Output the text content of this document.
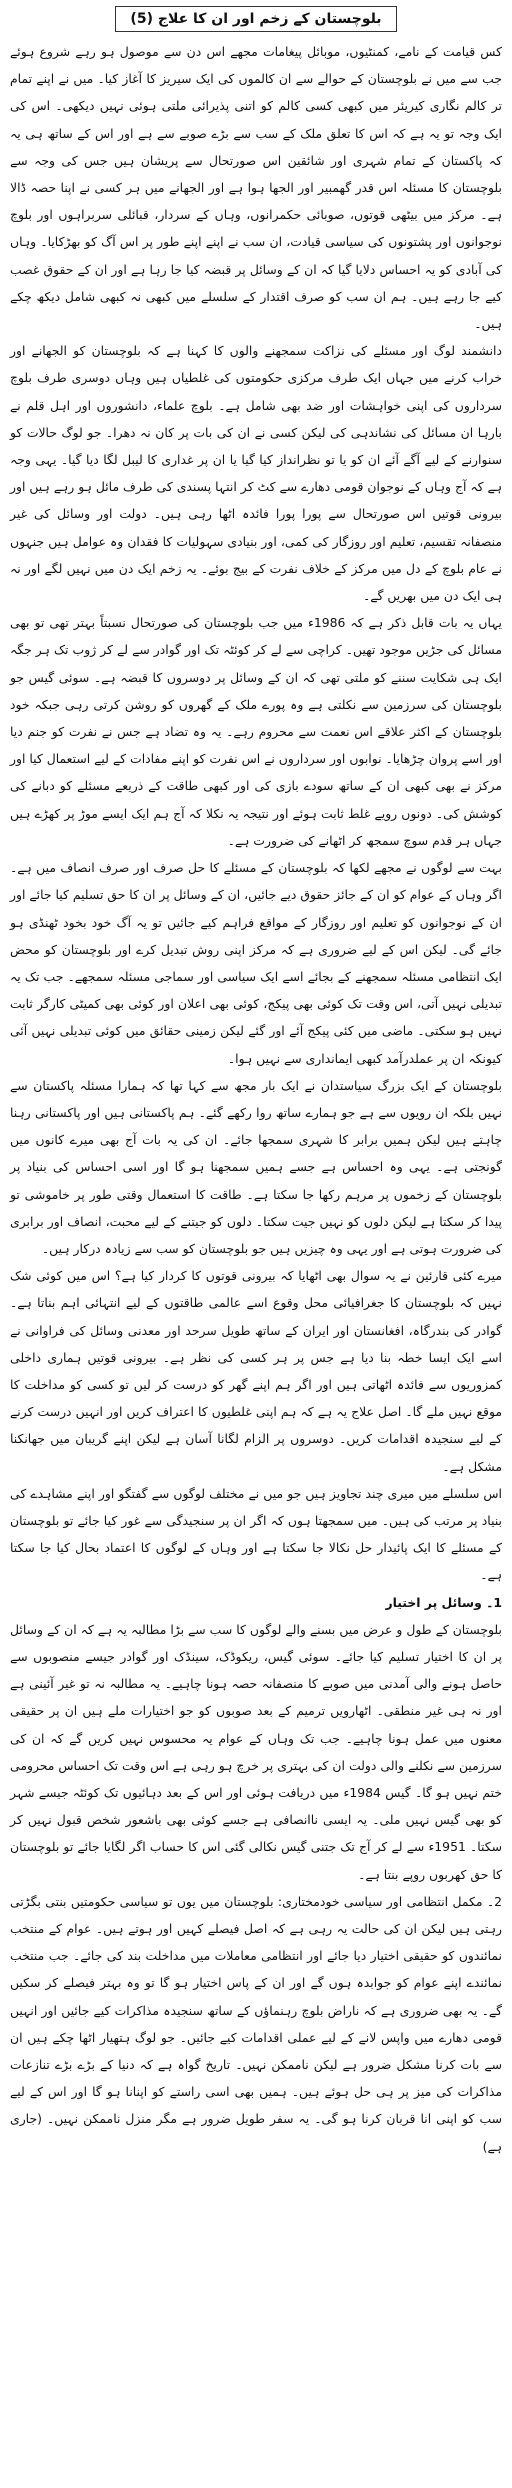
بلوچستان کے زخم اور ان کا علاج (5)

کس قیامت کے نامے، کمنٹیوں، موبائل پیغامات مجھے اس دن سے موصول ہو رہے شروع ہوئے جب سے میں نے بلوچستان کے حوالے سے ان کالموں کی ایک سیریز کا آغاز کیا۔ میں نے اپنے تمام تر کالم نگاری کیریئر میں کبھی کسی کالم کو اتنی پذیرائی ملتی ہوئی نہیں دیکھی۔ اس کی ایک وجہ تو یہ ہے کہ اس کا تعلق ملک کے سب سے بڑے صوبے سے ہے اور اس کے ساتھ ہی یہ کہ پاکستان کے تمام شہری اور شائقین اس صورتحال سے پریشان ہیں جس کی وجہ سے بلوچستان کا مسئلہ اس قدر گھمبیر اور الجھا ہوا ہے اور الجھانے میں ہر کسی نے اپنا حصہ ڈالا ہے۔ مرکز میں بیٹھی قوتوں، صوبائی حکمرانوں، وہاں کے سردار، قبائلی سربراہوں اور بلوچ نوجوانوں اور پشتونوں کی سیاسی قیادت، ان سب نے اپنے اپنے طور پر اس آگ کو بھڑکایا۔ وہاں کی آبادی کو یہ احساس دلایا گیا کہ ان کے وسائل پر قبضہ کیا جا رہا ہے اور ان کے حقوق غصب کیے جا رہے ہیں۔ ہم ان سب کو صرف اقتدار کے سلسلے میں کبھی نہ کبھی شامل دیکھ چکے ہیں۔

دانشمند لوگ اور مسئلے کی نزاکت سمجھنے والوں کا کہنا ہے کہ بلوچستان کو الجھانے اور خراب کرنے میں جہاں ایک طرف مرکزی حکومتوں کی غلطیاں ہیں وہاں دوسری طرف بلوچ سرداروں کی اپنی خواہشات اور ضد بھی شامل ہے۔ بلوچ علماء، دانشوروں اور اہل قلم نے بارہا ان مسائل کی نشاندہی کی لیکن کسی نے ان کی بات پر کان نہ دھرا۔ جو لوگ حالات کو سنوارنے کے لیے آگے آئے ان کو یا تو نظرانداز کیا گیا یا ان پر غداری کا لیبل لگا دیا گیا۔ یہی وجہ ہے کہ آج وہاں کے نوجوان قومی دھارے سے کٹ کر انتہا پسندی کی طرف مائل ہو رہے ہیں اور بیرونی قوتیں اس صورتحال سے پورا پورا فائدہ اٹھا رہی ہیں۔ دولت اور وسائل کی غیر منصفانہ تقسیم، تعلیم اور روزگار کی کمی، اور بنیادی سہولیات کا فقدان وہ عوامل ہیں جنہوں نے عام بلوچ کے دل میں مرکز کے خلاف نفرت کے بیج بوئے۔ یہ زخم ایک دن میں نہیں لگے اور نہ ہی ایک دن میں بھریں گے۔

یہاں یہ بات قابل ذکر ہے کہ 1986ء میں جب بلوچستان کی صورتحال نسبتاً بہتر تھی تو بھی مسائل کی جڑیں موجود تھیں۔ کراچی سے لے کر کوئٹہ تک اور گوادر سے لے کر ژوب تک ہر جگہ ایک ہی شکایت سننے کو ملتی تھی کہ ان کے وسائل پر دوسروں کا قبضہ ہے۔ سوئی گیس جو بلوچستان کی سرزمین سے نکلتی ہے وہ پورے ملک کے گھروں کو روشن کرتی رہی جبکہ خود بلوچستان کے اکثر علاقے اس نعمت سے محروم رہے۔ یہ وہ تضاد ہے جس نے نفرت کو جنم دیا اور اسے پروان چڑھایا۔ نوابوں اور سرداروں نے اس نفرت کو اپنے مفادات کے لیے استعمال کیا اور مرکز نے بھی کبھی ان کے ساتھ سودے بازی کی اور کبھی طاقت کے ذریعے مسئلے کو دبانے کی کوشش کی۔ دونوں رویے غلط ثابت ہوئے اور نتیجہ یہ نکلا کہ آج ہم ایک ایسے موڑ پر کھڑے ہیں جہاں ہر قدم سوچ سمجھ کر اٹھانے کی ضرورت ہے۔

بہت سے لوگوں نے مجھے لکھا کہ بلوچستان کے مسئلے کا حل صرف اور صرف انصاف میں ہے۔ اگر وہاں کے عوام کو ان کے جائز حقوق دیے جائیں، ان کے وسائل پر ان کا حق تسلیم کیا جائے اور ان کے نوجوانوں کو تعلیم اور روزگار کے مواقع فراہم کیے جائیں تو یہ آگ خود بخود ٹھنڈی ہو جائے گی۔ لیکن اس کے لیے ضروری ہے کہ مرکز اپنی روش تبدیل کرے اور بلوچستان کو محض ایک انتظامی مسئلہ سمجھنے کے بجائے اسے ایک سیاسی اور سماجی مسئلہ سمجھے۔ جب تک یہ تبدیلی نہیں آتی، اس وقت تک کوئی بھی پیکج، کوئی بھی اعلان اور کوئی بھی کمیٹی کارگر ثابت نہیں ہو سکتی۔ ماضی میں کئی پیکج آئے اور گئے لیکن زمینی حقائق میں کوئی تبدیلی نہیں آئی کیونکہ ان پر عملدرآمد کبھی ایمانداری سے نہیں ہوا۔

بلوچستان کے ایک بزرگ سیاستدان نے ایک بار مجھ سے کہا تھا کہ ہمارا مسئلہ پاکستان سے نہیں بلکہ ان رویوں سے ہے جو ہمارے ساتھ روا رکھے گئے۔ ہم پاکستانی ہیں اور پاکستانی رہنا چاہتے ہیں لیکن ہمیں برابر کا شہری سمجھا جائے۔ ان کی یہ بات آج بھی میرے کانوں میں گونجتی ہے۔ یہی وہ احساس ہے جسے ہمیں سمجھنا ہو گا اور اسی احساس کی بنیاد پر بلوچستان کے زخموں پر مرہم رکھا جا سکتا ہے۔ طاقت کا استعمال وقتی طور پر خاموشی تو پیدا کر سکتا ہے لیکن دلوں کو نہیں جیت سکتا۔ دلوں کو جیتنے کے لیے محبت، انصاف اور برابری کی ضرورت ہوتی ہے اور یہی وہ چیزیں ہیں جو بلوچستان کو سب سے زیادہ درکار ہیں۔

میرے کئی قارئین نے یہ سوال بھی اٹھایا کہ بیرونی قوتوں کا کردار کیا ہے؟ اس میں کوئی شک نہیں کہ بلوچستان کا جغرافیائی محل وقوع اسے عالمی طاقتوں کے لیے انتہائی اہم بناتا ہے۔ گوادر کی بندرگاہ، افغانستان اور ایران کے ساتھ طویل سرحد اور معدنی وسائل کی فراوانی نے اسے ایک ایسا خطہ بنا دیا ہے جس پر ہر کسی کی نظر ہے۔ بیرونی قوتیں ہماری داخلی کمزوریوں سے فائدہ اٹھاتی ہیں اور اگر ہم اپنے گھر کو درست کر لیں تو کسی کو مداخلت کا موقع نہیں ملے گا۔ اصل علاج یہ ہے کہ ہم اپنی غلطیوں کا اعتراف کریں اور انہیں درست کرنے کے لیے سنجیدہ اقدامات کریں۔ دوسروں پر الزام لگانا آسان ہے لیکن اپنے گریبان میں جھانکنا مشکل ہے۔

اس سلسلے میں میری چند تجاویز ہیں جو میں نے مختلف لوگوں سے گفتگو اور اپنے مشاہدے کی بنیاد پر مرتب کی ہیں۔ میں سمجھتا ہوں کہ اگر ان پر سنجیدگی سے غور کیا جائے تو بلوچستان کے مسئلے کا ایک پائیدار حل نکالا جا سکتا ہے اور وہاں کے لوگوں کا اعتماد بحال کیا جا سکتا ہے۔

1۔ وسائل پر اختیار

بلوچستان کے طول و عرض میں بسنے والے لوگوں کا سب سے بڑا مطالبہ یہ ہے کہ ان کے وسائل پر ان کا اختیار تسلیم کیا جائے۔ سوئی گیس، ریکوڈک، سینڈک اور گوادر جیسے منصوبوں سے حاصل ہونے والی آمدنی میں صوبے کا منصفانہ حصہ ہونا چاہیے۔ یہ مطالبہ نہ تو غیر آئینی ہے اور نہ ہی غیر منطقی۔ اٹھارویں ترمیم کے بعد صوبوں کو جو اختیارات ملے ہیں ان پر حقیقی معنوں میں عمل ہونا چاہیے۔ جب تک وہاں کے عوام یہ محسوس نہیں کریں گے کہ ان کی سرزمین سے نکلنے والی دولت ان کی بہتری پر خرچ ہو رہی ہے اس وقت تک احساس محرومی ختم نہیں ہو گا۔ گیس 1984ء میں دریافت ہوئی اور اس کے بعد دہائیوں تک کوئٹہ جیسے شہر کو بھی گیس نہیں ملی۔ یہ ایسی ناانصافی ہے جسے کوئی بھی باشعور شخص قبول نہیں کر سکتا۔ 1951ء سے لے کر آج تک جتنی گیس نکالی گئی اس کا حساب اگر لگایا جائے تو بلوچستان کا حق کھربوں روپے بنتا ہے۔

2۔ مکمل انتظامی اور سیاسی خودمختاری: بلوچستان میں یوں تو سیاسی حکومتیں بنتی بگڑتی رہتی ہیں لیکن ان کی حالت یہ رہی ہے کہ اصل فیصلے کہیں اور ہوتے ہیں۔ عوام کے منتخب نمائندوں کو حقیقی اختیار دیا جائے اور انتظامی معاملات میں مداخلت بند کی جائے۔ جب منتخب نمائندے اپنے عوام کو جوابدہ ہوں گے اور ان کے پاس اختیار ہو گا تو وہ بہتر فیصلے کر سکیں گے۔ یہ بھی ضروری ہے کہ ناراض بلوچ رہنماؤں کے ساتھ سنجیدہ مذاکرات کیے جائیں اور انہیں قومی دھارے میں واپس لانے کے لیے عملی اقدامات کیے جائیں۔ جو لوگ ہتھیار اٹھا چکے ہیں ان سے بات کرنا مشکل ضرور ہے لیکن ناممکن نہیں۔ تاریخ گواہ ہے کہ دنیا کے بڑے بڑے تنازعات مذاکرات کی میز پر ہی حل ہوئے ہیں۔ ہمیں بھی اسی راستے کو اپنانا ہو گا اور اس کے لیے سب کو اپنی انا قربان کرنا ہو گی۔ یہ سفر طویل ضرور ہے مگر منزل ناممکن نہیں۔ (جاری ہے)
